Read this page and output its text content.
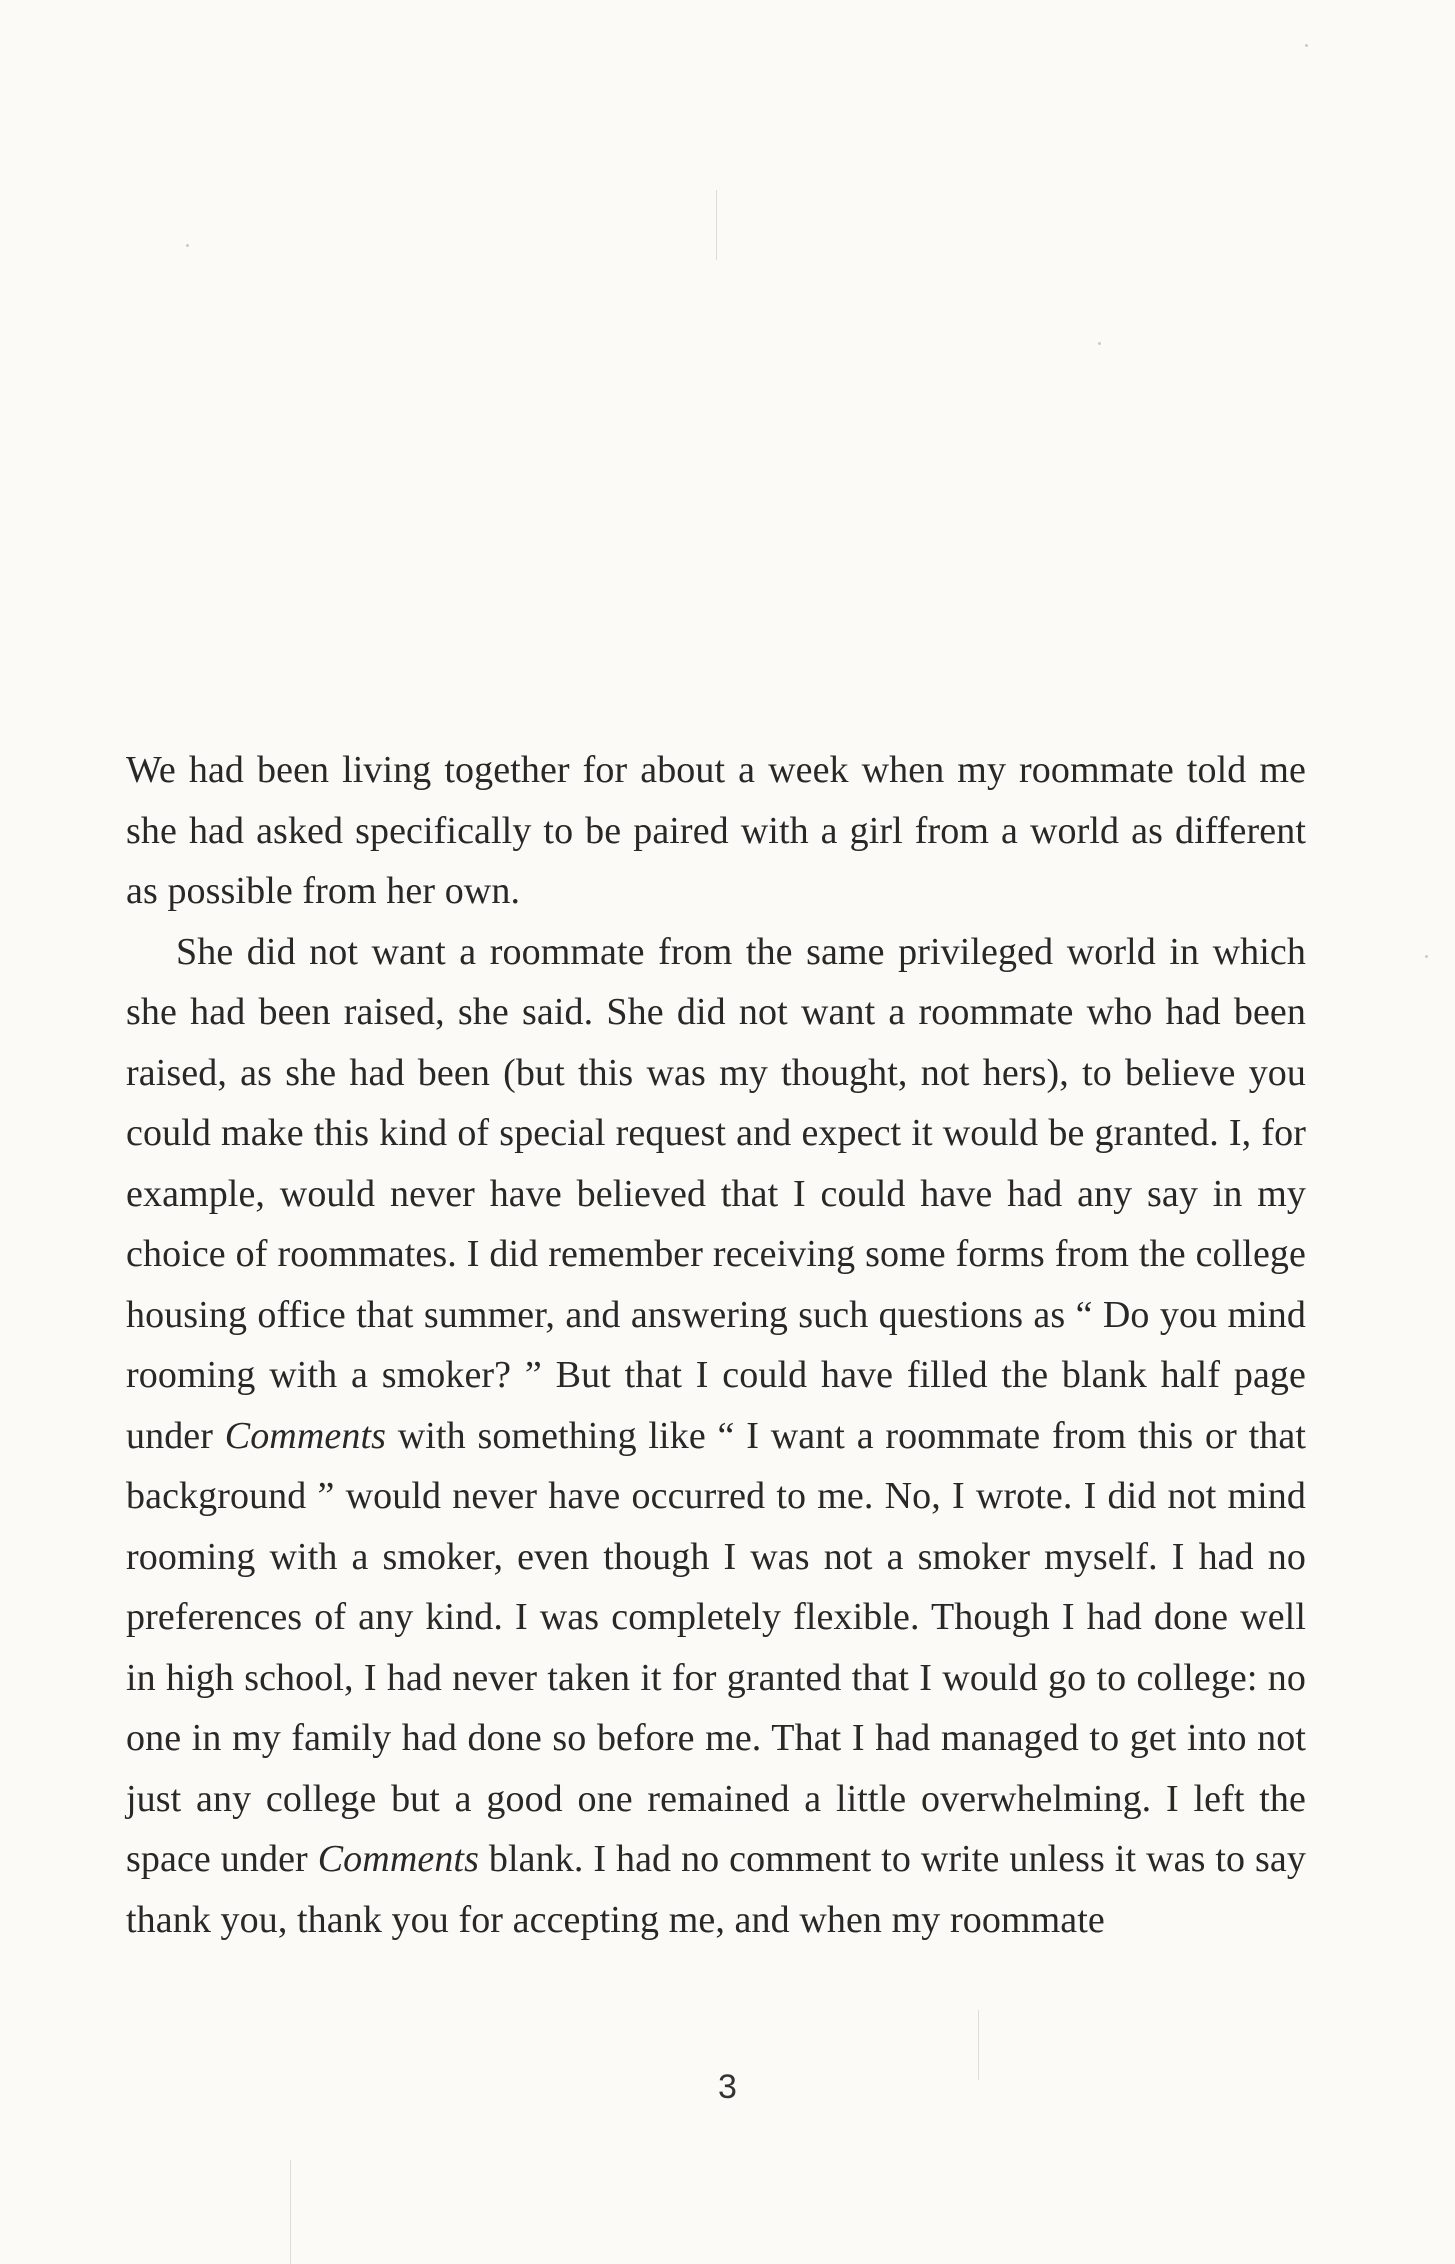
We had been living together for about a week when my roommate told me she had asked specifically to be paired with a girl from a world as different as possible from her own.

She did not want a roommate from the same privileged world in which she had been raised, she said. She did not want a roommate who had been raised, as she had been (but this was my thought, not hers), to believe you could make this kind of special request and expect it would be granted. I, for example, would never have believed that I could have had any say in my choice of roommates. I did remember receiving some forms from the college housing office that summer, and answering such questions as “ Do you mind rooming with a smoker? ” But that I could have filled the blank half page under Comments with something like “ I want a roommate from this or that background ” would never have occurred to me. No, I wrote. I did not mind rooming with a smoker, even though I was not a smoker myself. I had no preferences of any kind. I was completely flexible. Though I had done well in high school, I had never taken it for granted that I would go to college: no one in my family had done so before me. That I had managed to get into not just any college but a good one remained a little overwhelming. I left the space under Comments blank. I had no comment to write unless it was to say thank you, thank you for accepting me, and when my roommate

3
